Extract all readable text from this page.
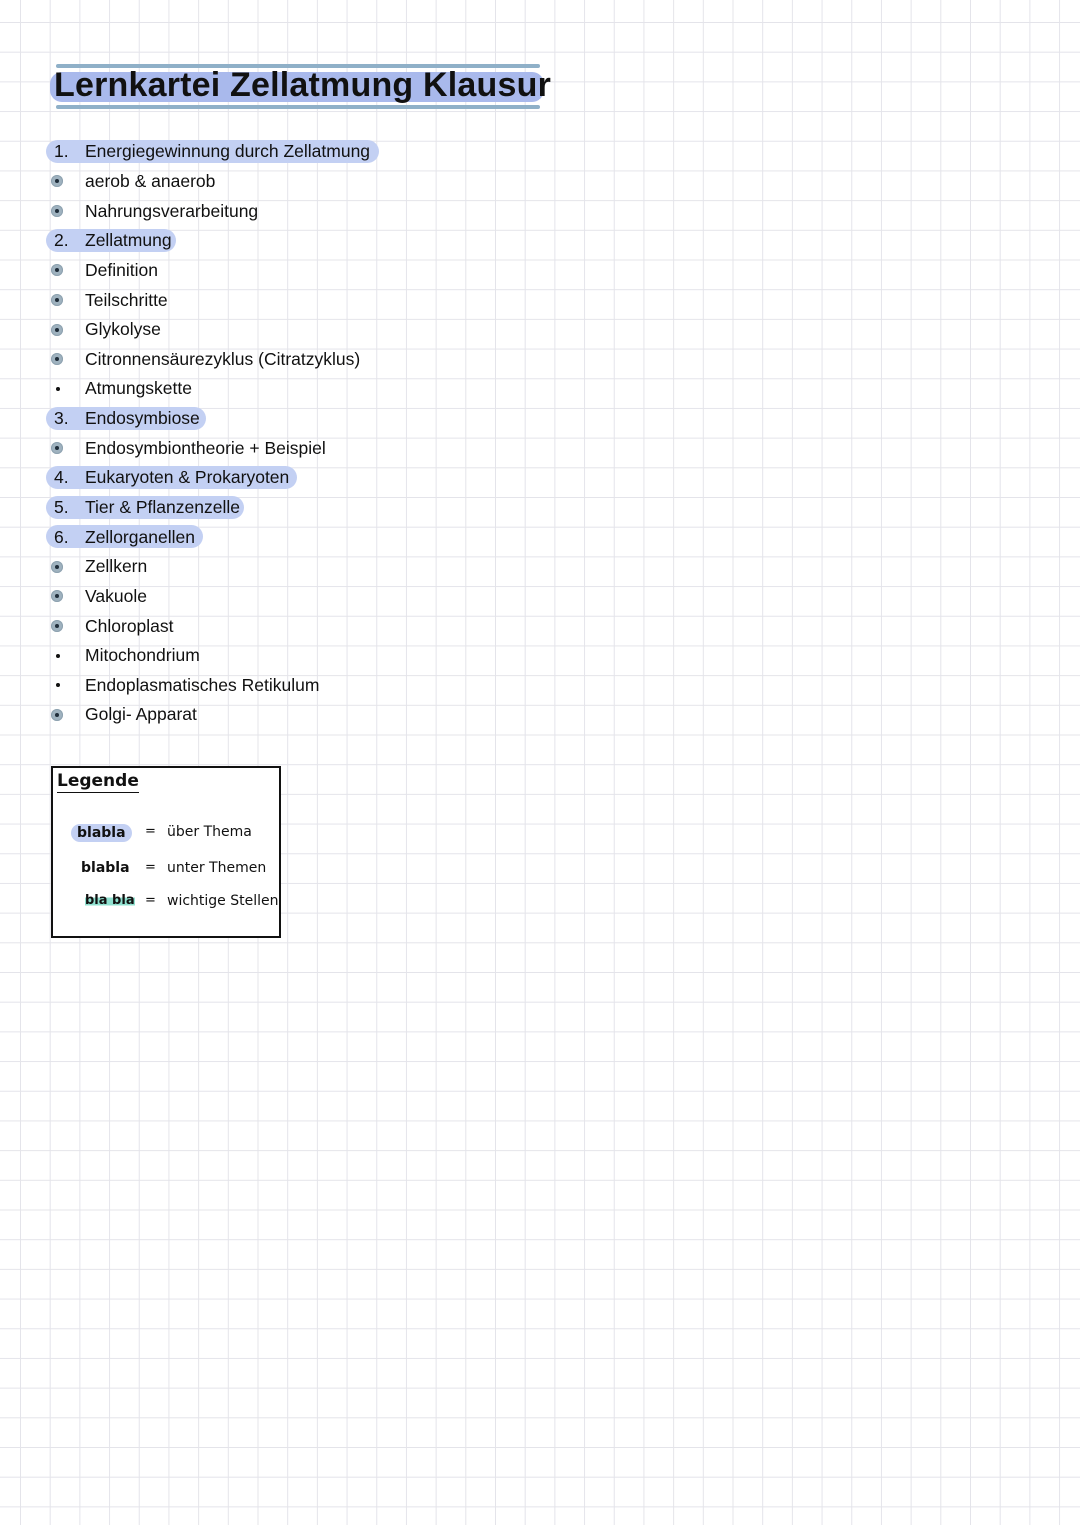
Lernkartei Zellatmung Klausur
1. Energiegewinnung durch Zellatmung
aerob & anaerob
Nahrungsverarbeitung
2. Zellatmung
Definition
Teilschritte
Glykolyse
Citronnensäurezyklus (Citratzyklus)
Atmungskette
3. Endosymbiose
Endosymbiontheorie + Beispiel
4. Eukaryoten & Prokaryoten
5. Tier & Pflanzenzelle
6. Zellorganellen
Zellkern
Vakuole
Chloroplast
Mitochondrium
Endoplasmatisches Retikulum
Golgi- Apparat
Legende
blabla	= über Thema
blabla = unter Themen
bla bla = wichtige Stellen
